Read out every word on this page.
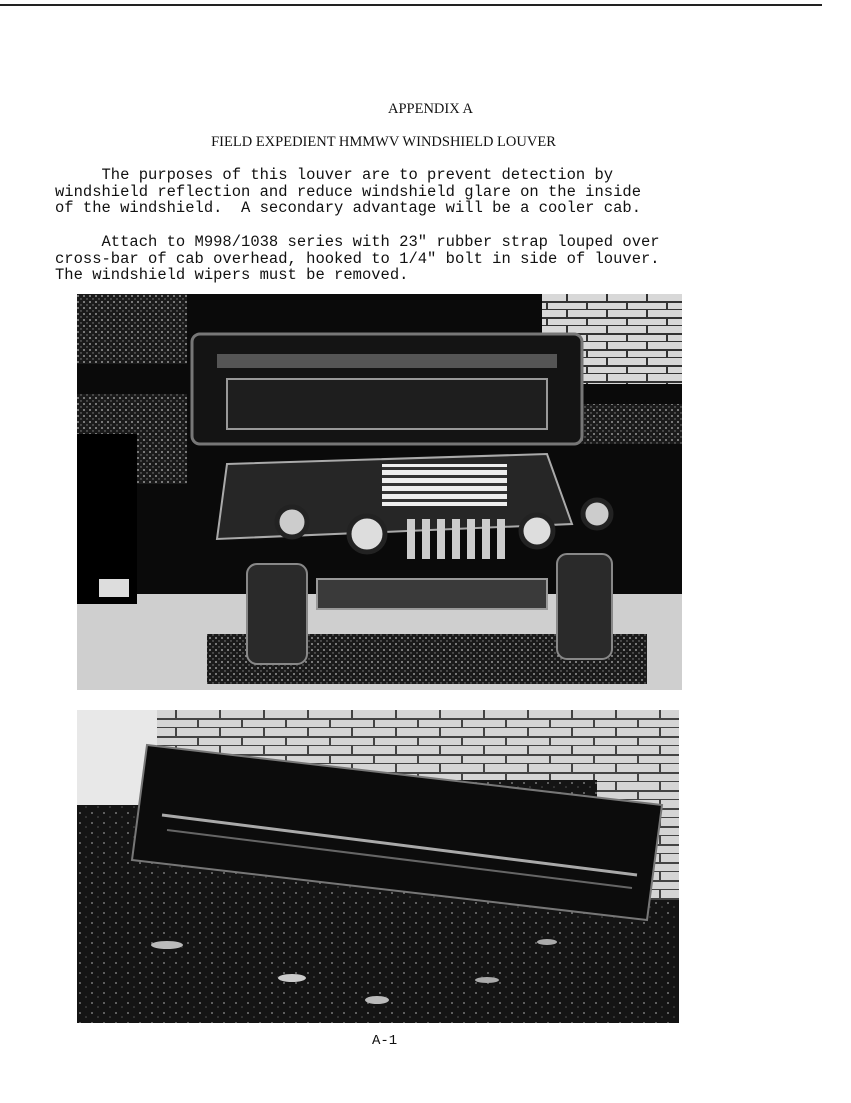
APPENDIX A
FIELD EXPEDIENT HMMWV WINDSHIELD LOUVER
The purposes of this louver are to prevent detection by
windshield reflection and reduce windshield glare on the inside
of the windshield.  A secondary advantage will be a cooler cab.
Attach to M998/1038 series with 23" rubber strap louped over
cross-bar of cab overhead, hooked to 1/4" bolt in side of louver.
The windshield wipers must be removed.
A-1
